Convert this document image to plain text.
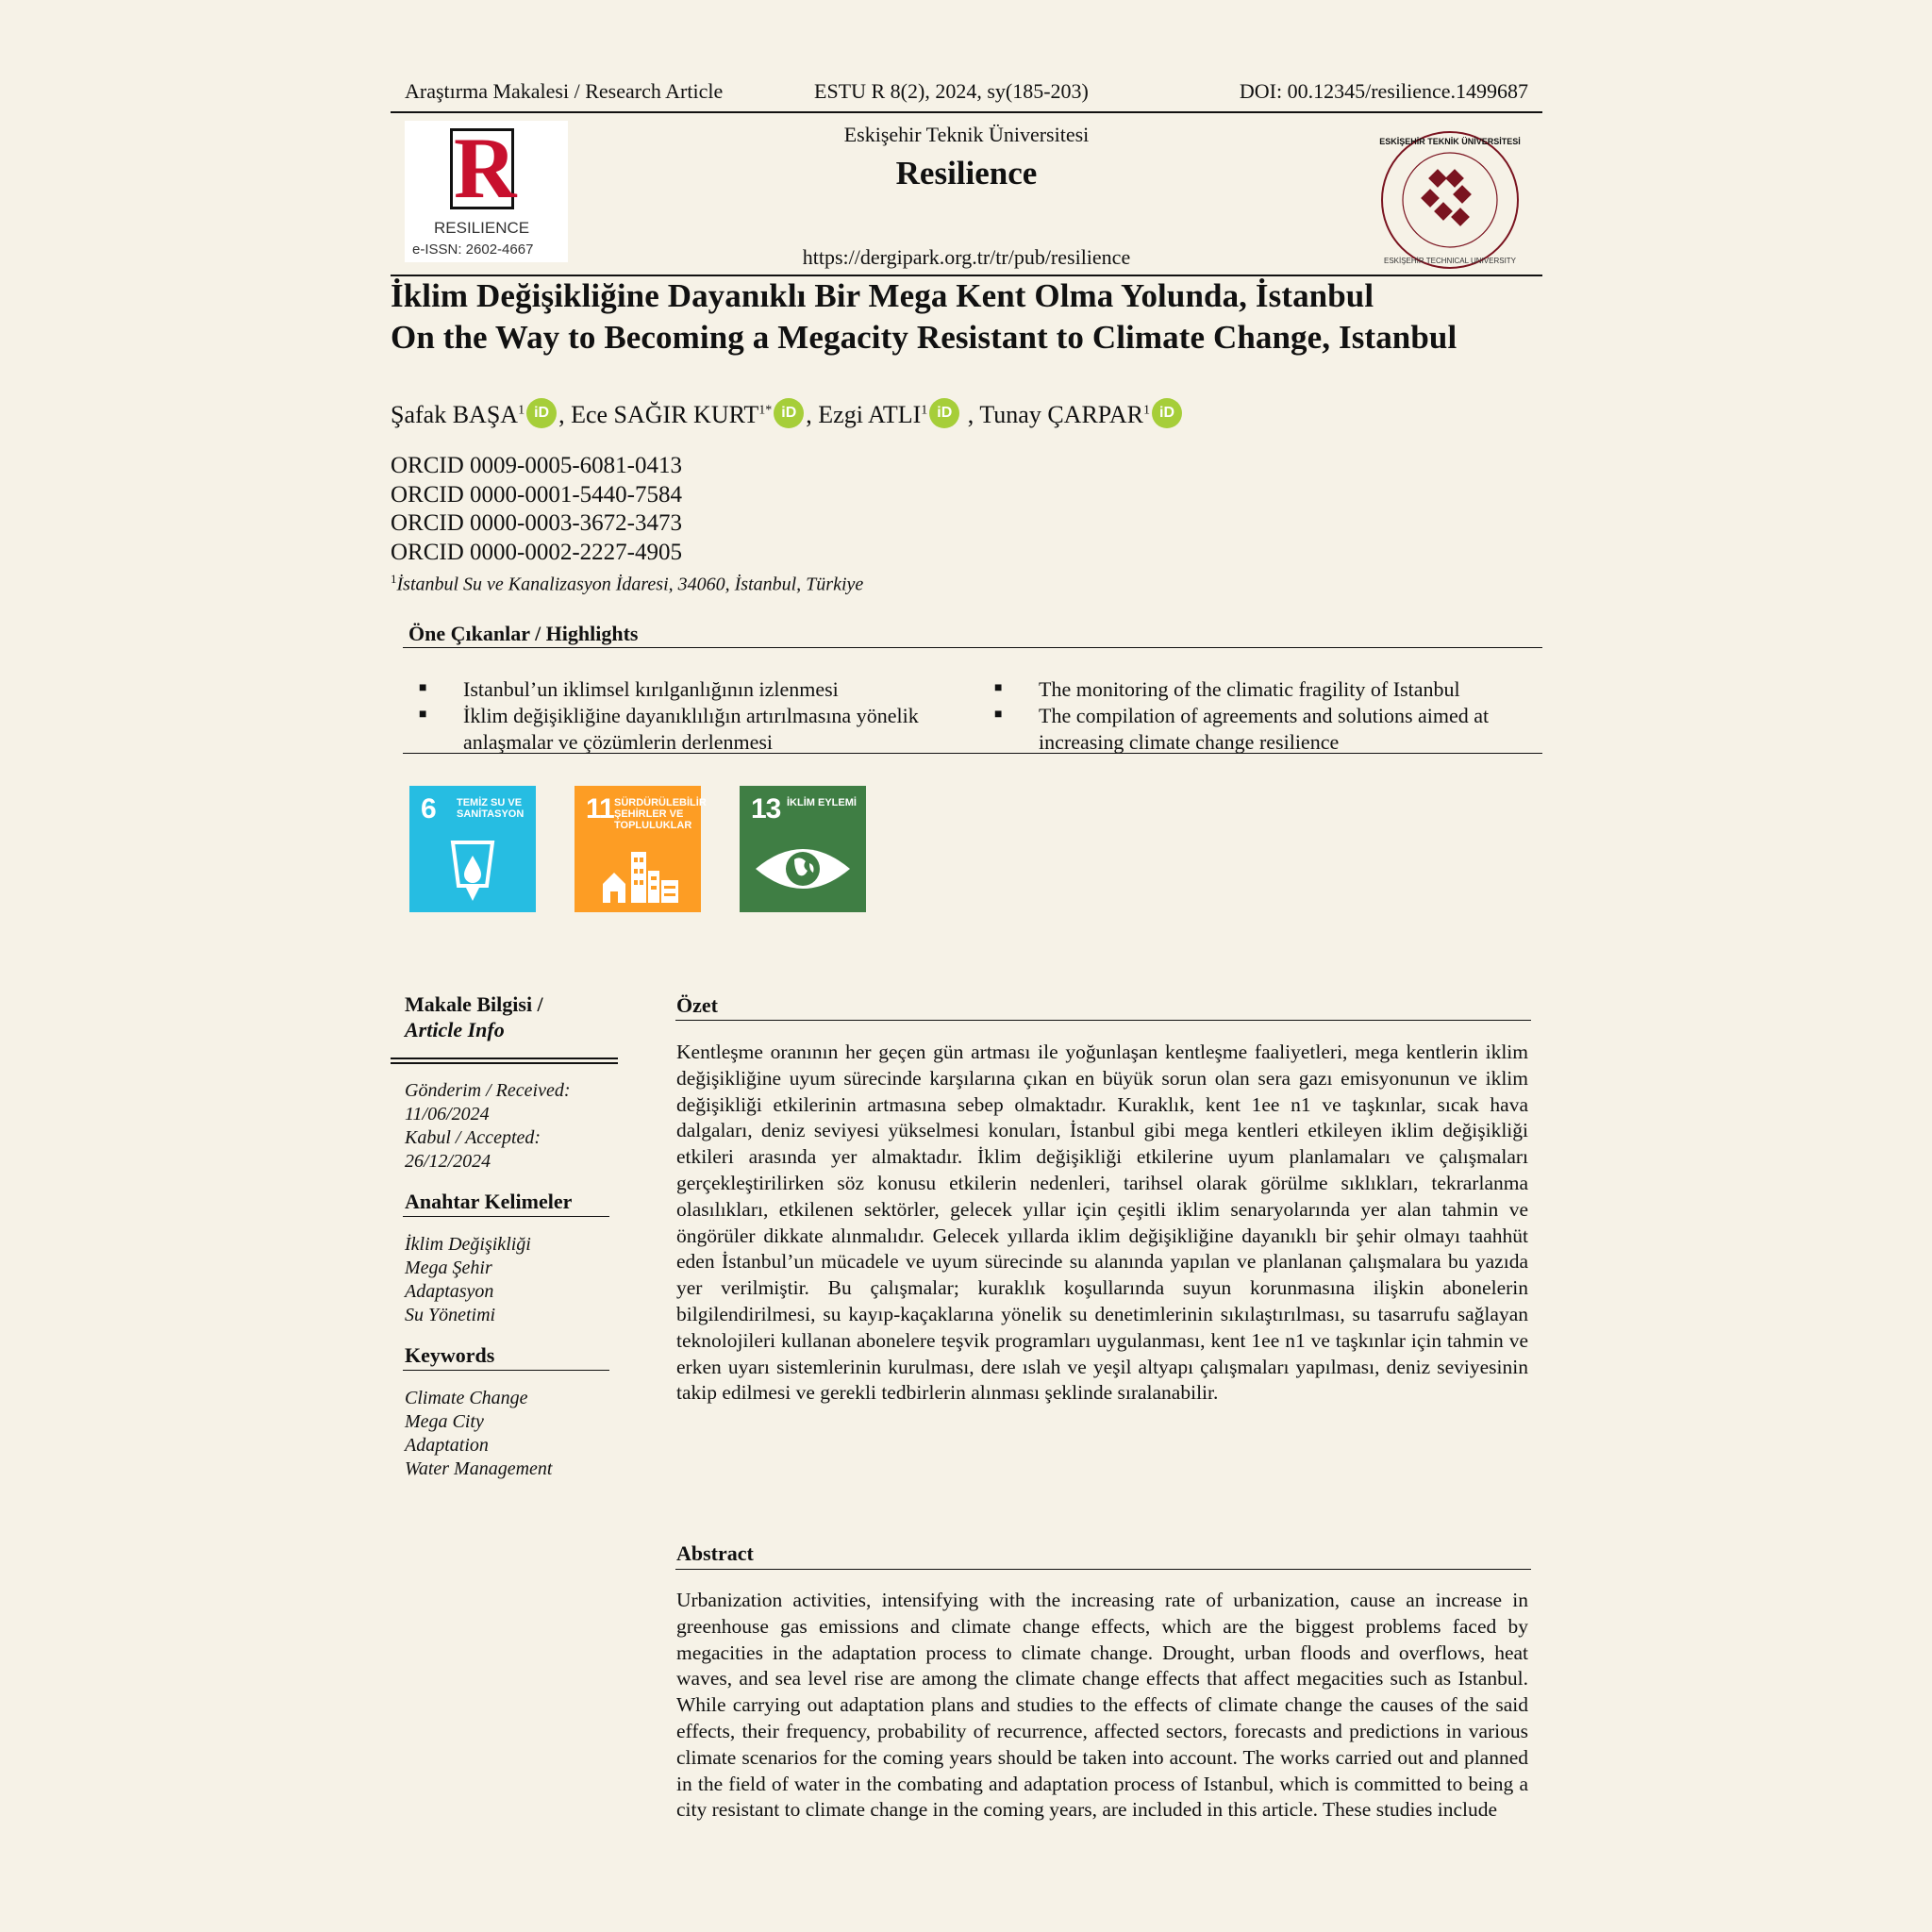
Araştırma Makalesi / Research Article	ESTU R 8(2), 2024, sy(185-203)	DOI: 00.12345/resilience.1499687
R
RESILIENCE
e-ISSN: 2602-4667
Eskişehir Teknik Üniversitesi
Resilience
https://dergipark.org.tr/tr/pub/resilience
ESKİŞEHİR TEKNİK ÜNİVERSİTESİ
ESKİŞEHİR TECHNICAL UNIVERSITY
İklim Değişikliğine Dayanıklı Bir Mega Kent Olma Yolunda, İstanbul
On the Way to Becoming a Megacity Resistant to Climate Change, Istanbul
Şafak BAŞA$^1$ iD , Ece SAĞIR $KURT^{1*}$ iD , Ezgi ATLI$^1$ iD , Tunay ÇARPAR$^1$ iD
ORCID 0009-0005-6081-0413
ORCID 0000-0001-5440-7584
ORCID 0000-0003-3672-3473
ORCID 0000-0002-2227-4905
$^1$İstanbul Su ve Kanalizasyon İdaresi, 34060, İstanbul, Türkiye
Öne Çıkanlar / Highlights
■ Istanbul’un iklimsel kırılganlığının izlenmesi
■ İklim değişikliğine dayanıklılığın artırılmasına yönelik anlaşmalar ve çözümlerin derlenmesi
■ The monitoring of the climatic fragility of Istanbul
■ The compilation of agreements and solutions aimed at increasing climate change resilience
6 TEMİZ SU VE SANİTASYON 11 SÜRDÜRÜLEBİLİR ŞEHİRLER VE TOPLULUKLAR
13 İKLİM EYLEMİ
Makale Bilgisi /
Article Info
Gönderim / Received:
11/06/2024
Kabul / Accepted:
26/12/2024
Anahtar Kelimeler
İklim Değişikliği
Mega Şehir
Adaptasyon
Su Yönetimi
Keywords
Climate Change
Mega City
Adaptation
Water Management
Özet
Kentleşme oranının her geçen gün artması ile yoğunlaşan kentleşme faaliyetleri, mega kentlerin iklim değişikliğine uyum sürecinde karşılarına çıkan en büyük sorun olan sera gazı emisyonunun ve iklim değişikliği etkilerinin artmasına sebep olmaktadır. Kuraklık, kent 1ee n1 ve taşkınlar, sıcak hava dalgaları, deniz seviyesi yükselmesi konuları, İstanbul gibi mega kentleri etkileyen iklim değişikliği etkileri arasında yer almaktadır. İklim değişikliği etkilerine uyum planlamaları ve çalışmaları gerçekleştirilirken söz konusu etkilerin nedenleri, tarihsel olarak görülme sıklıkları, tekrarlanma olasılıkları, etkilenen sektörler, gelecek yıllar için çeşitli iklim senaryolarında yer alan tahmin ve öngörüler dikkate alınmalıdır. Gelecek yıllarda iklim değişikliğine dayanıklı bir şehir olmayı taahhüt eden İstanbul’un mücadele ve uyum sürecinde su alanında yapılan ve planlanan çalışmalara bu yazıda yer verilmiştir. Bu çalışmalar; kuraklık koşullarında suyun korunmasına ilişkin abonelerin bilgilendirilmesi, su kayıp-kaçaklarına yönelik su denetimlerinin sıkılaştırılması, su tasarrufu sağlayan teknolojileri kullanan abonelere teşvik programları uygulanması, kent 1ee n1 ve taşkınlar için tahmin ve erken uyarı sistemlerinin kurulması, dere ıslah ve yeşil altyapı çalışmaları yapılması, deniz seviyesinin takip edilmesi ve gerekli tedbirlerin alınması şeklinde sıralanabilir.
Abstract
Urbanization activities, intensifying with the increasing rate of urbanization, cause an increase in greenhouse gas emissions and climate change effects, which are the biggest problems faced by megacities in the adaptation process to climate change. Drought, urban floods and overflows, heat waves, and sea level rise are among the climate change effects that affect megacities such as Istanbul. While carrying out adaptation plans and studies to the effects of climate change the causes of the said effects, their frequency, probability of recurrence, affected sectors, forecasts and predictions in various climate scenarios for the coming years should be taken into account. The works carried out and planned in the field of water in the combating and adaptation process of Istanbul, which is committed to being a city resistant to climate change in the coming years, are included in this article. These studies include
